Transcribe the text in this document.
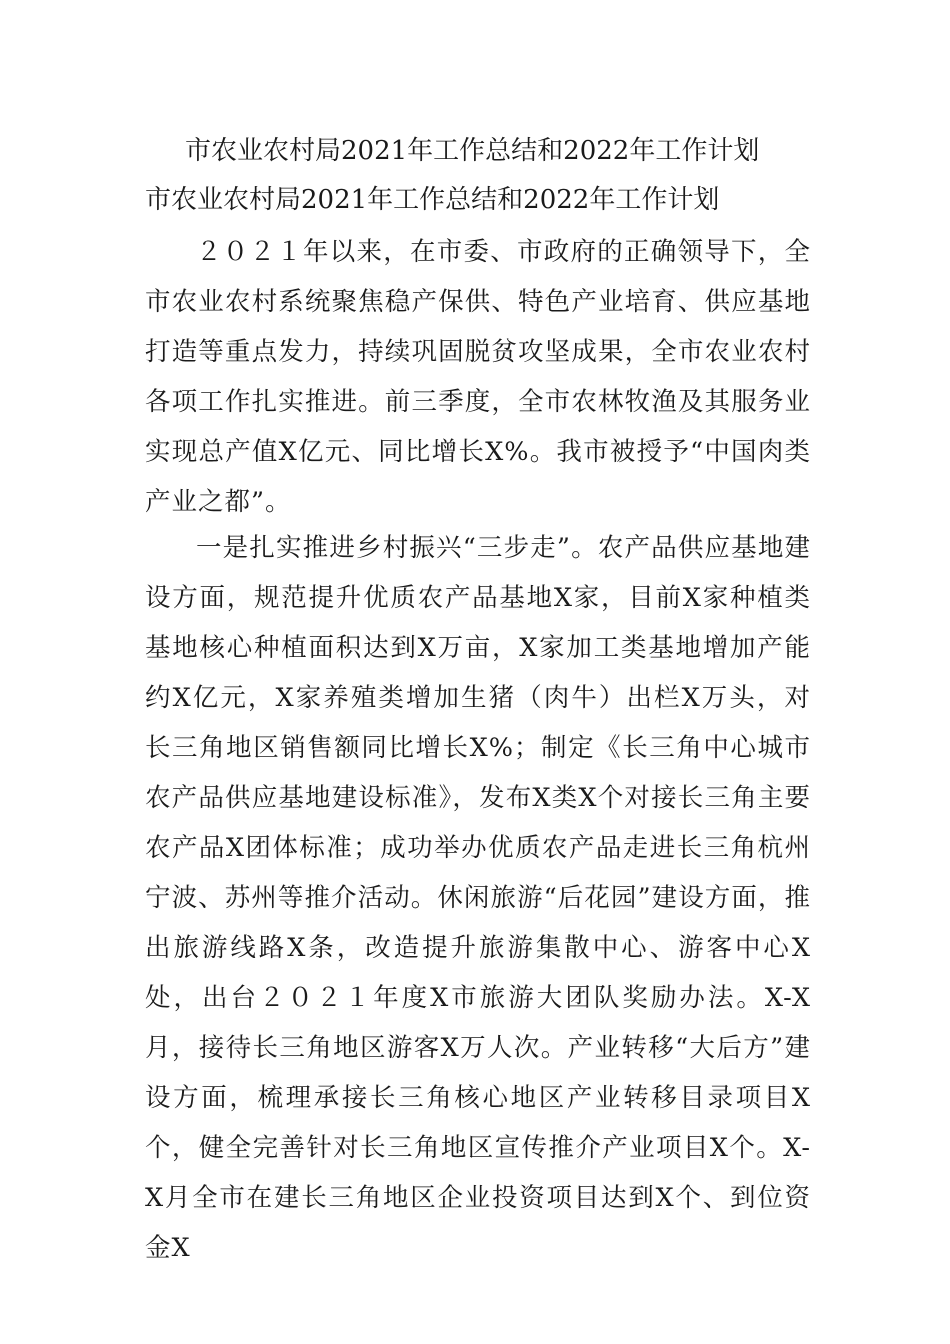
市农业农村局2021年工作总结和2022年工作计划
市农业农村局2021年工作总结和2022年工作计划
２０２１年以来，在市委、市政府的正确领导下，全市农业农村系统聚焦稳产保供、特色产业培育、供应基地打造等重点发力，持续巩固脱贫攻坚成果，全市农业农村各项工作扎实推进。前三季度，全市农林牧渔及其服务业实现总产值X亿元、同比增长X%。我市被授予“中国肉类产业之都”。
一是扎实推进乡村振兴“三步走”。农产品供应基地建设方面，规范提升优质农产品基地X家，目前X家种植类基地核心种植面积达到X万亩，X家加工类基地增加产能约X亿元，X家养殖类增加生猪（肉牛）出栏X万头，对长三角地区销售额同比增长X%；制定《长三角中心城市农产品供应基地建设标准》，发布X类X个对接长三角主要农产品X团体标准；成功举办优质农产品走进长三角杭州宁波、苏州等推介活动。休闲旅游“后花园”建设方面，推出旅游线路X条，改造提升旅游集散中心、游客中心X处，出台２０２１年度X市旅游大团队奖励办法。X-X月，接待长三角地区游客X万人次。产业转移“大后方”建设方面，梳理承接长三角核心地区产业转移目录项目X个，健全完善针对长三角地区宣传推介产业项目X个。X-X月全市在建长三角地区企业投资项目达到X个、到位资金X
